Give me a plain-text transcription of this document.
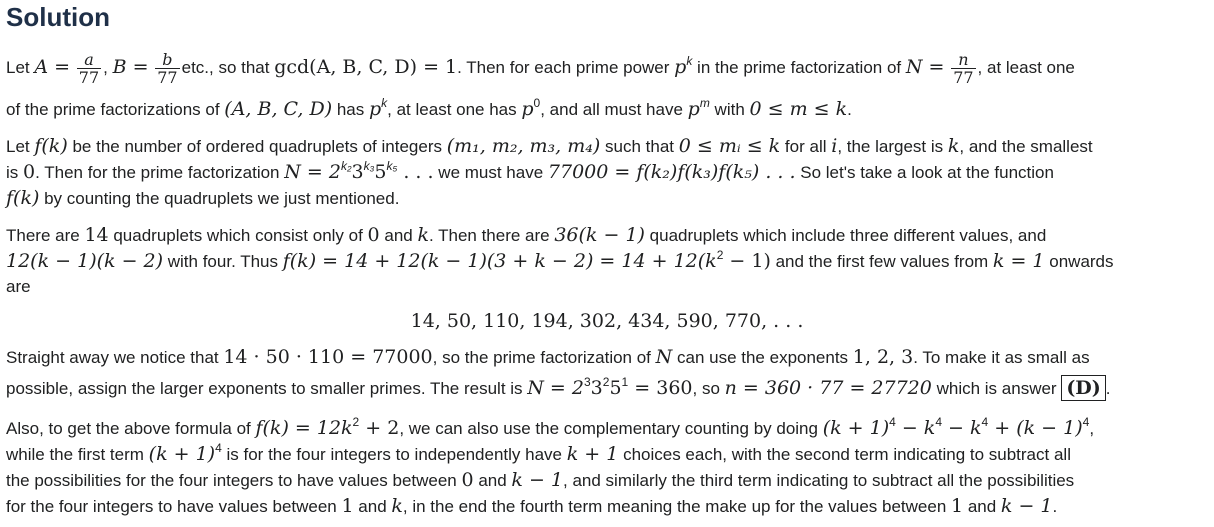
Solution
Let $A = \frac{a}{77}$ , $B = \frac{b}{77}$ etc., so that gcd(A, B, C, D) = 1. Then for each prime power $p^k$ in the prime factorization of $N = \frac{n}{77}$ , at least one
of the prime factorizations of (A, B, C, D) has $p^k$, at least one has $p^0$, and all must have $p^m$ with 0 ≤ m ≤ k.
Let f(k) be the number of ordered quadruplets of integers (m₁, m₂, m₃, m₄) such that 0 ≤ mᵢ ≤ k for all i, the largest is k, and the smallest
is 0. Then for the prime factorization $N = 2^{k_2}3^{k_3}5^{k_5}$ . . . we must have 77000 = f(k₂)f(k₃)f(k₅) . . . So let's take a look at the function
f(k) by counting the quadruplets we just mentioned.
There are 14 quadruplets which consist only of 0 and k. Then there are 36(k − 1) quadruplets which include three different values, and
12(k − 1)(k − 2) with four. Thus $f(k) = 14 + 12(k - 1)(3 + k - 2) = 14 + 12(k^2 - 1)$ and the first few values from k = 1 onwards
are
14, 50, 110, 194, 302, 434, 590, 770, . . .
Straight away we notice that 14 · 50 · 110 = 77000, so the prime factorization of N can use the exponents 1, 2, 3. To make it as small as
possible, assign the larger exponents to smaller primes. The result is $N = 2^33^25^1 = 360$, so n = 360 · 77 = 27720 which is answer (D) .
Also, to get the above formula of $f(k) = 12k^2 + 2$, we can also use the complementary counting by doing $(k + 1)^4 - k^4 - k^4 + (k - 1)^4$,
while the first term $(k + 1)^4$ is for the four integers to independently have k + 1 choices each, with the second term indicating to subtract all
the possibilities for the four integers to have values between 0 and k − 1, and similarly the third term indicating to subtract all the possibilities
for the four integers to have values between 1 and k, in the end the fourth term meaning the make up for the values between 1 and k − 1.
